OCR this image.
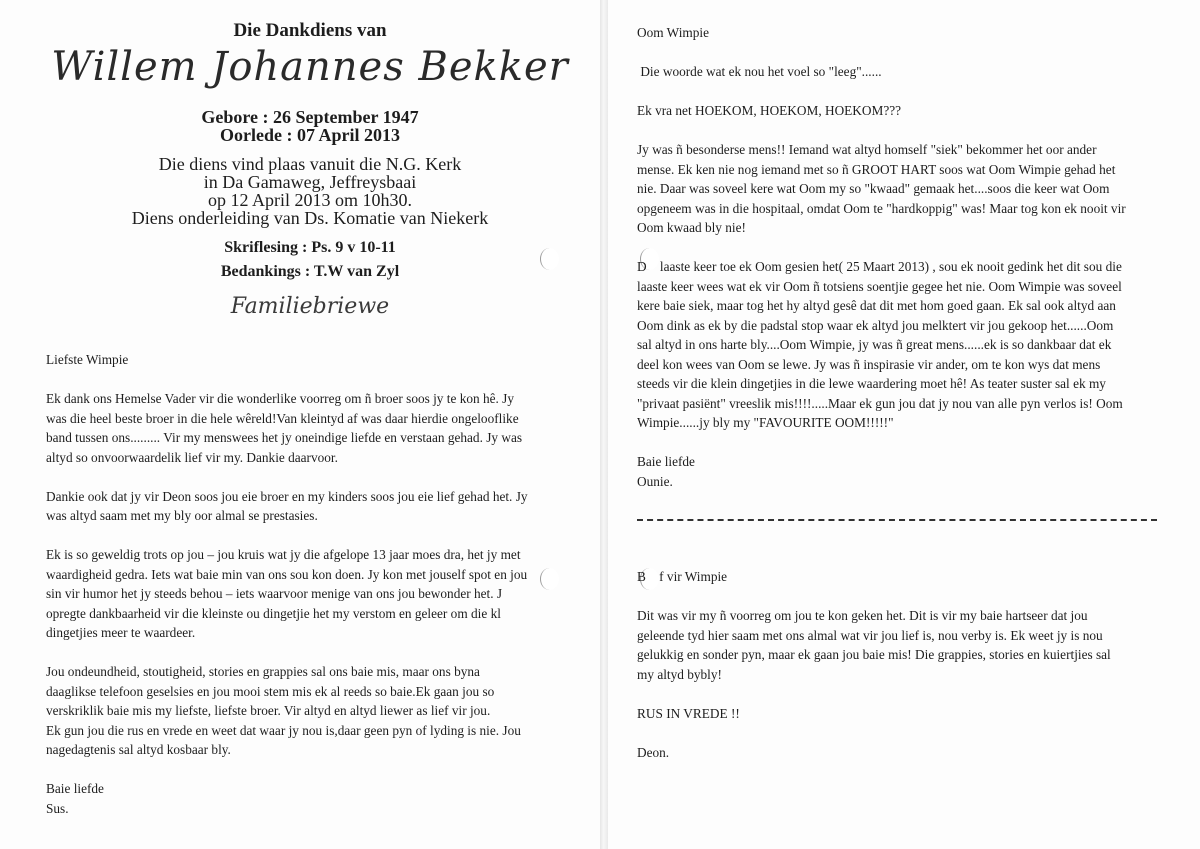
Die Dankdiens van
Willem Johannes Bekker
Gebore : 26 September 1947
Oorlede : 07 April 2013
Die diens vind plaas vanuit die N.G. Kerk
in Da Gamaweg, Jeffreysbaai
op 12 April 2013 om 10h30.
Diens onderleiding van Ds. Komatie van Niekerk
Skriflesing : Ps. 9 v 10-11
Bedankings : T.W van Zyl
Familiebriewe

Liefste Wimpie

Ek dank ons Hemelse Vader vir die wonderlike voorreg om ñ broer soos jy te kon hê. Jy

was die heel beste broer in die hele wêreld!Van kleintyd af was daar hierdie ongelooflike

band tussen ons......... Vir my menswees het jy oneindige liefde en verstaan gehad. Jy was

altyd so onvoorwaardelik lief vir my. Dankie daarvoor.

Dankie ook dat jy vir Deon soos jou eie broer en my kinders soos jou eie lief gehad het. Jy

was altyd saam met my bly oor almal se prestasies.

Ek is so geweldig trots op jou – jou kruis wat jy die afgelope 13 jaar moes dra, het jy met

waardigheid gedra. Iets wat baie min van ons sou kon doen. Jy kon met jouself spot en jou

sin vir humor het jy steeds behou – iets waarvoor menige van ons jou bewonder het. J

opregte dankbaarheid vir die kleinste ou dingetjie het my verstom en geleer om die kl

dingetjies meer te waardeer.

Jou ondeundheid, stoutigheid, stories en grappies sal ons baie mis, maar ons byna

daaglikse telefoon geselsies en jou mooi stem mis ek al reeds so baie.Ek gaan jou so

verskriklik baie mis my liefste, liefste broer. Vir altyd en altyd liewer as lief vir jou.

Ek gun jou die rus en vrede en weet dat waar jy nou is,daar geen pyn of lyding is nie. Jou

nagedagtenis sal altyd kosbaar bly.

Baie liefde

Sus.

Oom Wimpie

Die woorde wat ek nou het voel so "leeg"......

Ek vra net HOEKOM, HOEKOM, HOEKOM???

Jy was ñ besonderse mens!! Iemand wat altyd homself "siek" bekommer het oor ander

mense. Ek ken nie nog iemand met so ñ GROOT HART soos wat Oom Wimpie gehad het

nie. Daar was soveel kere wat Oom my so "kwaad" gemaak het....soos die keer wat Oom

opgeneem was in die hospitaal, omdat Oom te "hardkoppig" was! Maar tog kon ek nooit vir

Oom kwaad bly nie!

D    laaste keer toe ek Oom gesien het( 25 Maart 2013) , sou ek nooit gedink het dit sou die

laaste keer wees wat ek vir Oom ñ totsiens soentjie gegee het nie. Oom Wimpie was soveel

kere baie siek, maar tog het hy altyd gesê dat dit met hom goed gaan. Ek sal ook altyd aan

Oom dink as ek by die padstal stop waar ek altyd jou melktert vir jou gekoop het......Oom

sal altyd in ons harte bly....Oom Wimpie, jy was ñ great mens......ek is so dankbaar dat ek

deel kon wees van Oom se lewe. Jy was ñ inspirasie vir ander, om te kon wys dat mens

steeds vir die klein dingetjies in die lewe waardering moet hê! As teater suster sal ek my

"privaat pasiënt" vreeslik mis!!!!.....Maar ek gun jou dat jy nou van alle pyn verlos is! Oom

Wimpie......jy bly my "FAVOURITE OOM!!!!!"

Baie liefde

Ounie.

B    f vir Wimpie

Dit was vir my ñ voorreg om jou te kon geken het. Dit is vir my baie hartseer dat jou

geleende tyd hier saam met ons almal wat vir jou lief is, nou verby is. Ek weet jy is nou

gelukkig en sonder pyn, maar ek gaan jou baie mis! Die grappies, stories en kuiertjies sal

my altyd bybly!

RUS IN VREDE !!

Deon.
